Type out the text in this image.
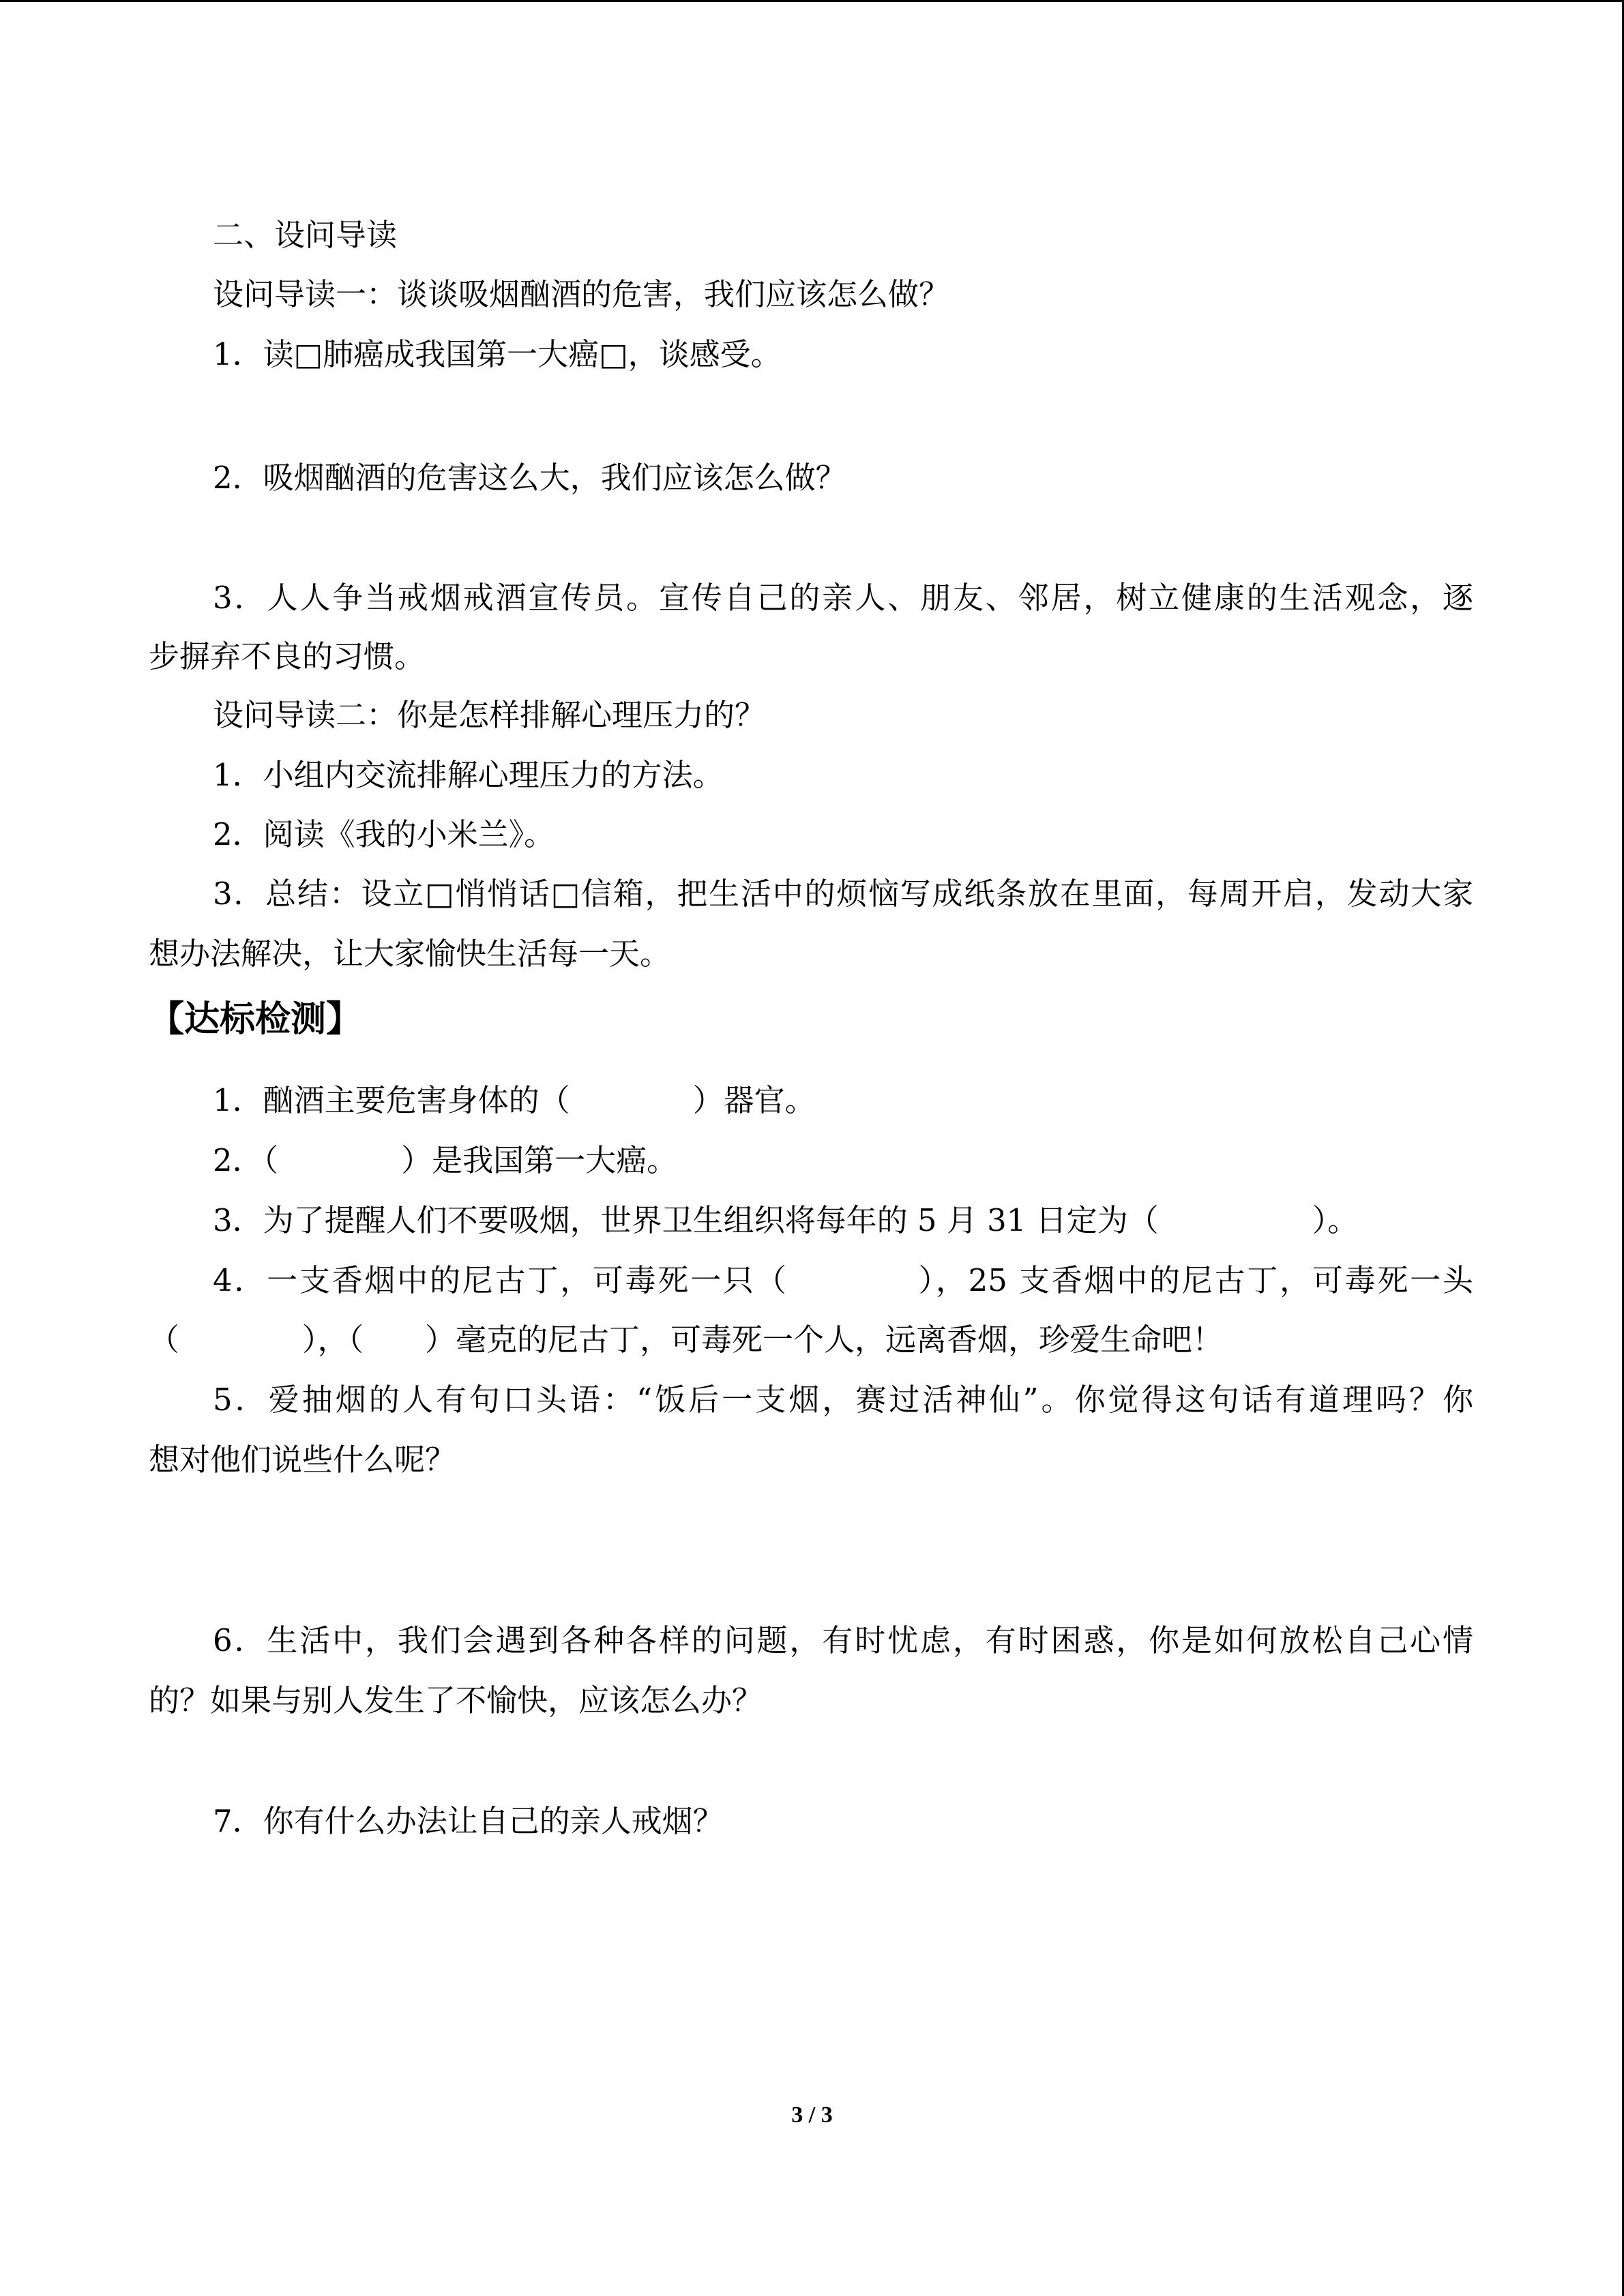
二、设问导读

设问导读一：谈谈吸烟酗酒的危害，我们应该怎么做？

1．读□肺癌成我国第一大癌□，谈感受。

2．吸烟酗酒的危害这么大，我们应该怎么做？

3．人人争当戒烟戒酒宣传员。宣传自己的亲人、朋友、邻居，树立健康的生活观念，逐

步摒弃不良的习惯。

设问导读二：你是怎样排解心理压力的？

1．小组内交流排解心理压力的方法。

2．阅读《我的小米兰》。

3．总结：设立□悄悄话□信箱，把生活中的烦恼写成纸条放在里面，每周开启，发动大家

想办法解决，让大家愉快生活每一天。

【达标检测】

1．酗酒主要危害身体的（　　　　）器官。

2．（　　　　）是我国第一大癌。

3．为了提醒人们不要吸烟，世界卫生组织将每年的 5 月 31 日定为（　　　　　）。

4．一支香烟中的尼古丁，可毒死一只（　　　　），25 支香烟中的尼古丁，可毒死一头

（　　　　），（　　）毫克的尼古丁，可毒死一个人，远离香烟，珍爱生命吧！

5．爱抽烟的人有句口头语：“饭后一支烟，赛过活神仙”。你觉得这句话有道理吗？你

想对他们说些什么呢？

6．生活中，我们会遇到各种各样的问题，有时忧虑，有时困惑，你是如何放松自己心情

的？如果与别人发生了不愉快，应该怎么办？

7．你有什么办法让自己的亲人戒烟？

3 / 3
